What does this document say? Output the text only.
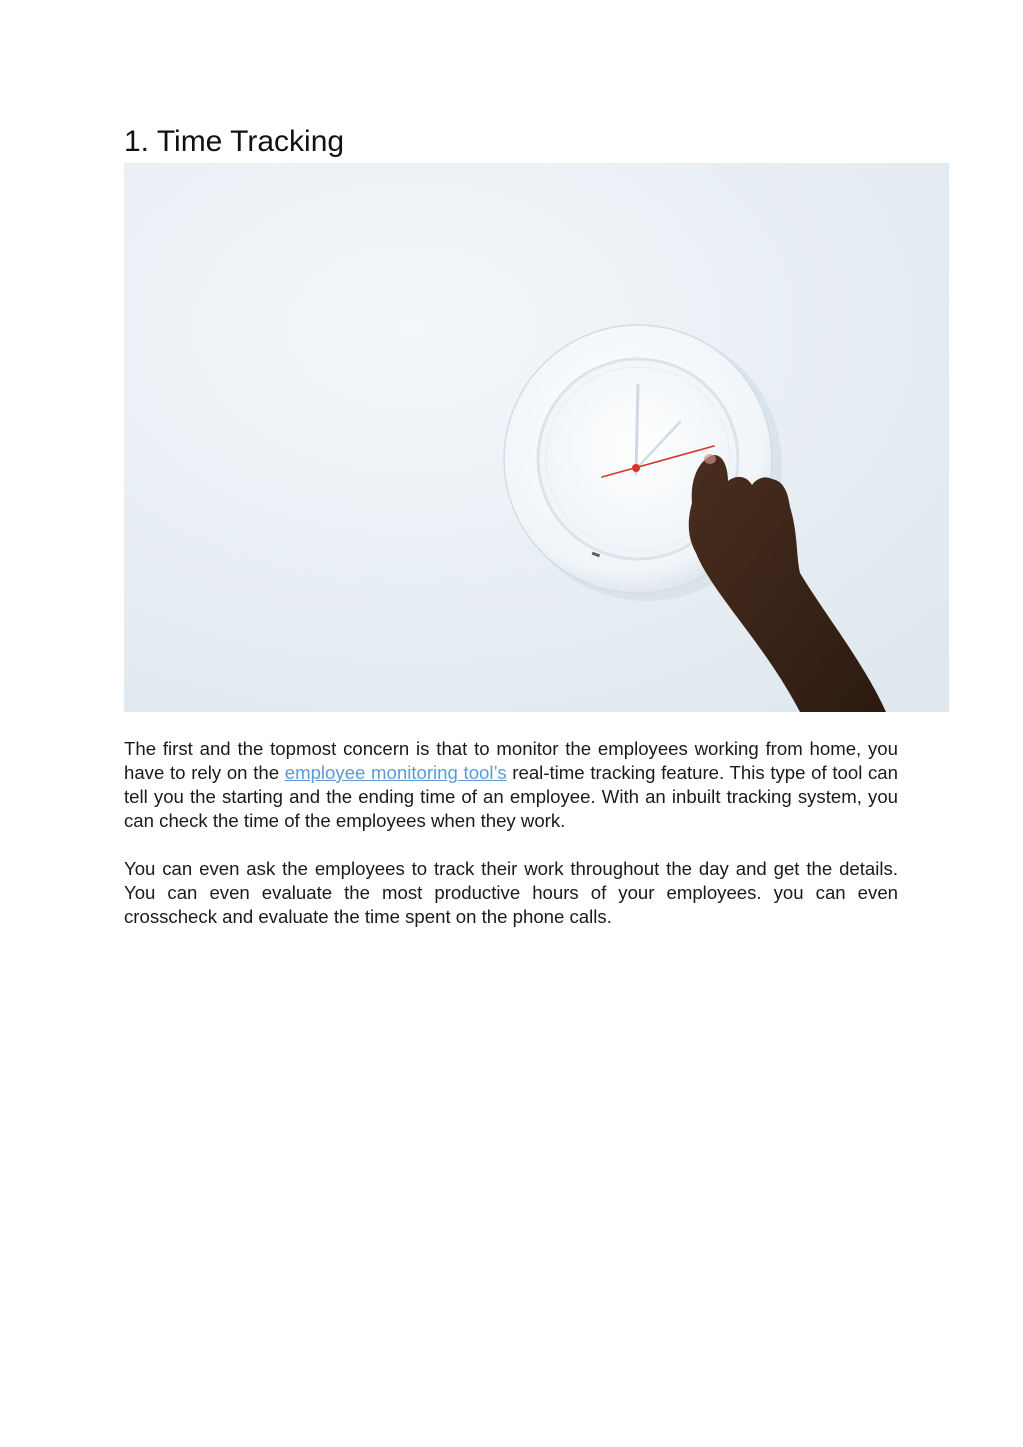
1. Time Tracking

The first and the topmost concern is that to monitor the employees working from home, you have to rely on the employee monitoring tool’s real-time tracking feature. This type of tool can tell you the starting and the ending time of an employee. With an inbuilt tracking system, you can check the time of the employees when they work.

You can even ask the employees to track their work throughout the day and get the details. You can even evaluate the most productive hours of your employees. you can even crosscheck and evaluate the time spent on the phone calls.
